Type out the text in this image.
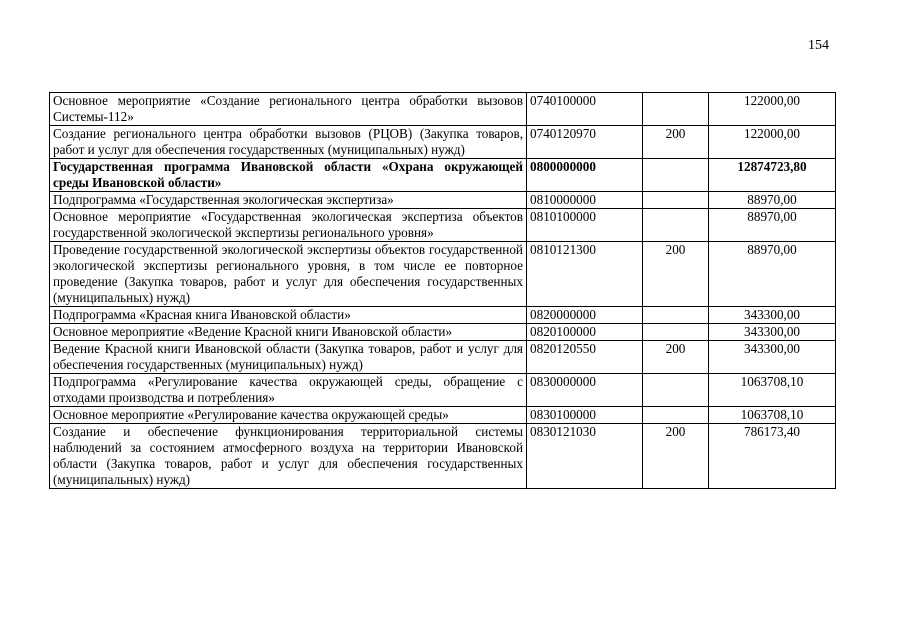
154
Основное мероприятие «Создание регионального центра обработки вызовов Системы-112»	0740100000		122000,00
Создание регионального центра обработки вызовов (РЦОВ) (Закупка товаров, работ и услуг для обеспечения государственных (муниципальных) нужд)	0740120970	200	122000,00
Государственная программа Ивановской области «Охрана окружающей среды Ивановской области»	0800000000		12874723,80
Подпрограмма «Государственная экологическая экспертиза»	0810000000		88970,00
Основное мероприятие «Государственная экологическая экспертиза объектов государственной экологической экспертизы регионального уровня»	0810100000		88970,00
Проведение государственной экологической экспертизы объектов государственной экологической экспертизы регионального уровня, в том числе ее повторное проведение (Закупка товаров, работ и услуг для обеспечения государственных (муниципальных) нужд)	0810121300	200	88970,00
Подпрограмма «Красная книга Ивановской области»	0820000000		343300,00
Основное мероприятие «Ведение Красной книги Ивановской области»	0820100000		343300,00
Ведение Красной книги Ивановской области (Закупка товаров, работ и услуг для обеспечения государственных (муниципальных) нужд)	0820120550	200	343300,00
Подпрограмма «Регулирование качества окружающей среды, обращение с отходами производства и потребления»	0830000000		1063708,10
Основное мероприятие «Регулирование качества окружающей среды»	0830100000		1063708,10
Создание и обеспечение функционирования территориальной системы наблюдений за состоянием атмосферного воздуха на территории Ивановской области (Закупка товаров, работ и услуг для обеспечения государственных (муниципальных) нужд)	0830121030	200	786173,40
